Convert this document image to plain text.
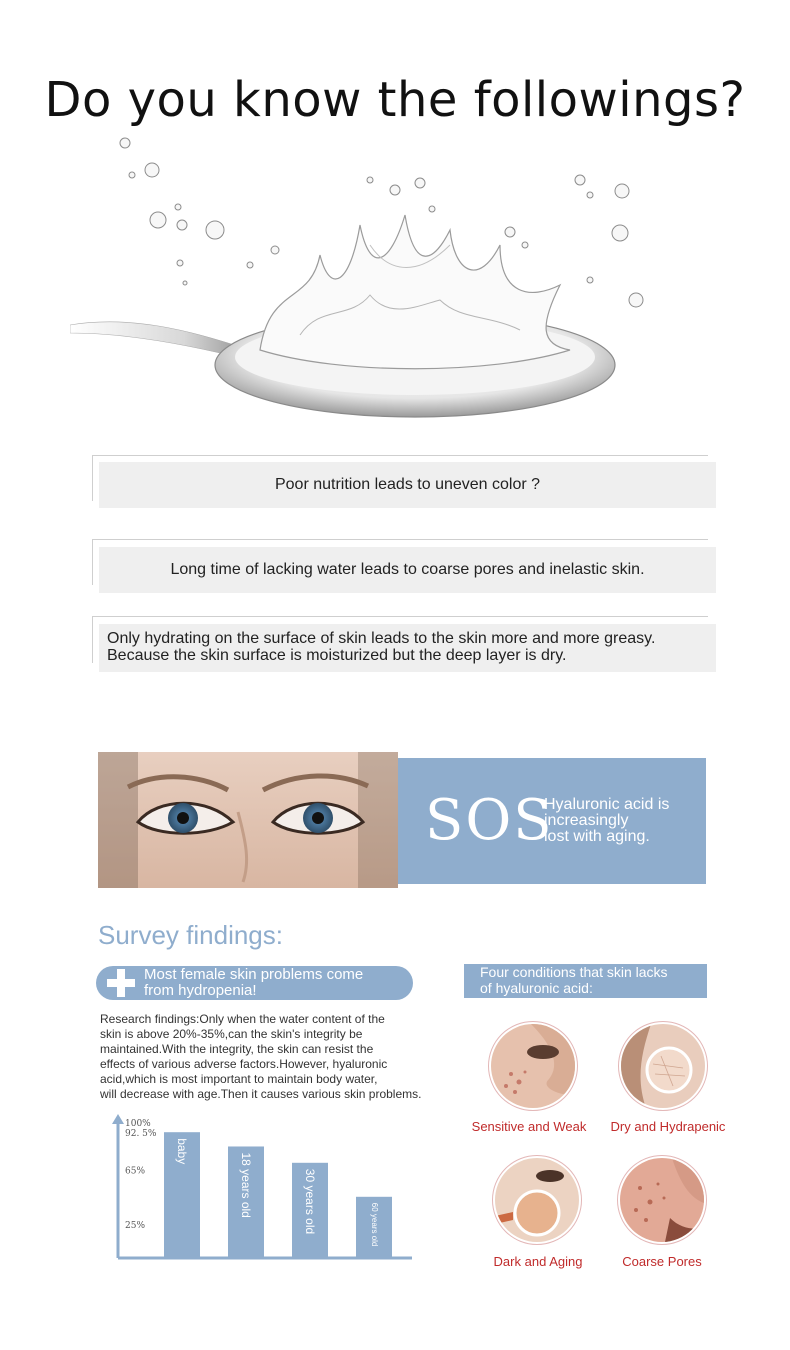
Do you know the followings?
Poor nutrition leads to uneven color ?
Long time of lacking water leads to coarse pores and inelastic skin.
Only hydrating on the surface of skin leads to the skin more and more greasy.
Because the skin surface is moisturized but the deep layer is dry.
SOS
Hyaluronic acid is
increasingly
lost with aging.
Survey findings:
Most female skin problems come
from hydropenia!
Research findings:Only when the water content of the
skin is above 20%-35%,can the skin's integrity be
maintained.With the integrity, the skin can resist the
effects of various adverse factors.However, hyaluronic
acid,which is most important to maintain body water,
will decrease with age.Then it causes various skin problems.
100%
92. 5%
65%
25%
baby
18 years old	30 years old	60 years old
Four conditions that skin lacks
of hyaluronic acid:
Sensitive and Weak	Dry and Hydrapenic
Dark and Aging	Coarse Pores
